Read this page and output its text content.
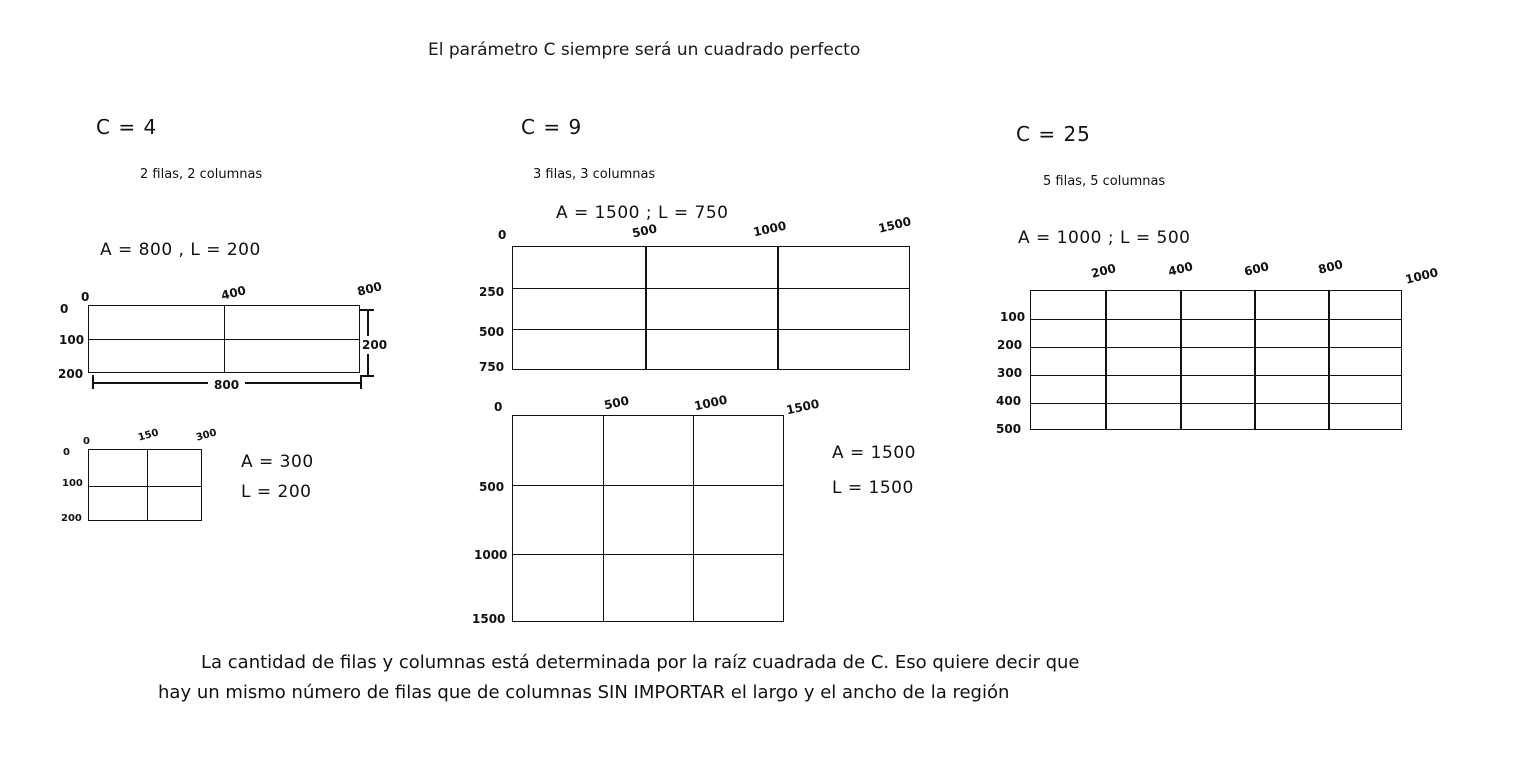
El parámetro C siempre será un cuadrado perfecto
C = 4
2 filas, 2 columnas
A = 800 , L = 200
0	400	800
0
100
200
800
200
0	150	300
0
100
200
A = 300
L = 200
C = 9
3 filas, 3 columnas
A = 1500 ; L = 750
0	500	1000	1500
250
500
750
0	500	1000	1500
500
1000
1500
A = 1500
L = 1500
C = 25
5 filas, 5 columnas
A = 1000 ; L = 500
200	400	600	800	1000
100
200
300
400
500
La cantidad de filas y columnas está determinada por la raíz cuadrada de C. Eso quiere decir que
hay un mismo número de filas que de columnas SIN IMPORTAR el largo y el ancho de la región
